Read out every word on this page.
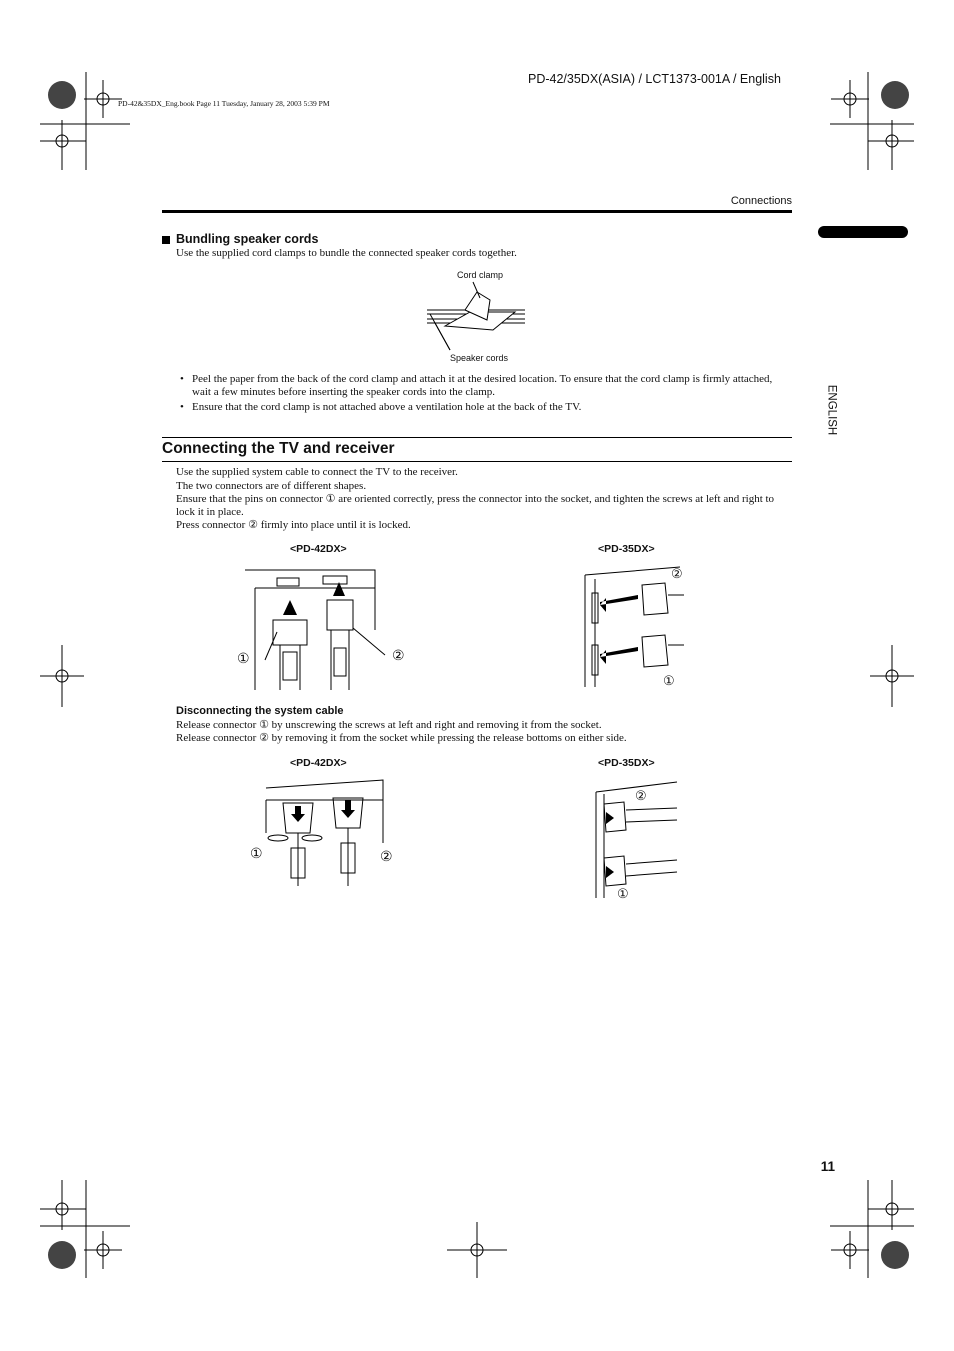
PD-42/35DX(ASIA) / LCT1373-001A / English
PD-42&35DX_Eng.book Page 11 Tuesday, January 28, 2003 5:39 PM
Connections
ENGLISH
Bundling speaker cords
Use the supplied cord clamps to bundle the connected speaker cords together.
Cord clamp
Speaker cords
• Peel the paper from the back of the cord clamp and attach it at the desired location. To ensure that the cord clamp is firmly attached, wait a few minutes before inserting the speaker cords into the clamp.
• Ensure that the cord clamp is not attached above a ventilation hole at the back of the TV.
Connecting the TV and receiver
Use the supplied system cable to connect the TV to the receiver.
The two connectors are of different shapes.
Ensure that the pins on connector ① are oriented correctly, press the connector into the socket, and tighten the screws at left and right to lock it in place.
Press connector ② firmly into place until it is locked.
<PD-42DX>	<PD-35DX>
①	②
②
①
Disconnecting the system cable
Release connector ① by unscrewing the screws at left and right and removing it from the socket.
Release connector ② by removing it from the socket while pressing the release bottoms on either side.
<PD-42DX>	<PD-35DX>
①	②
②
①
11
